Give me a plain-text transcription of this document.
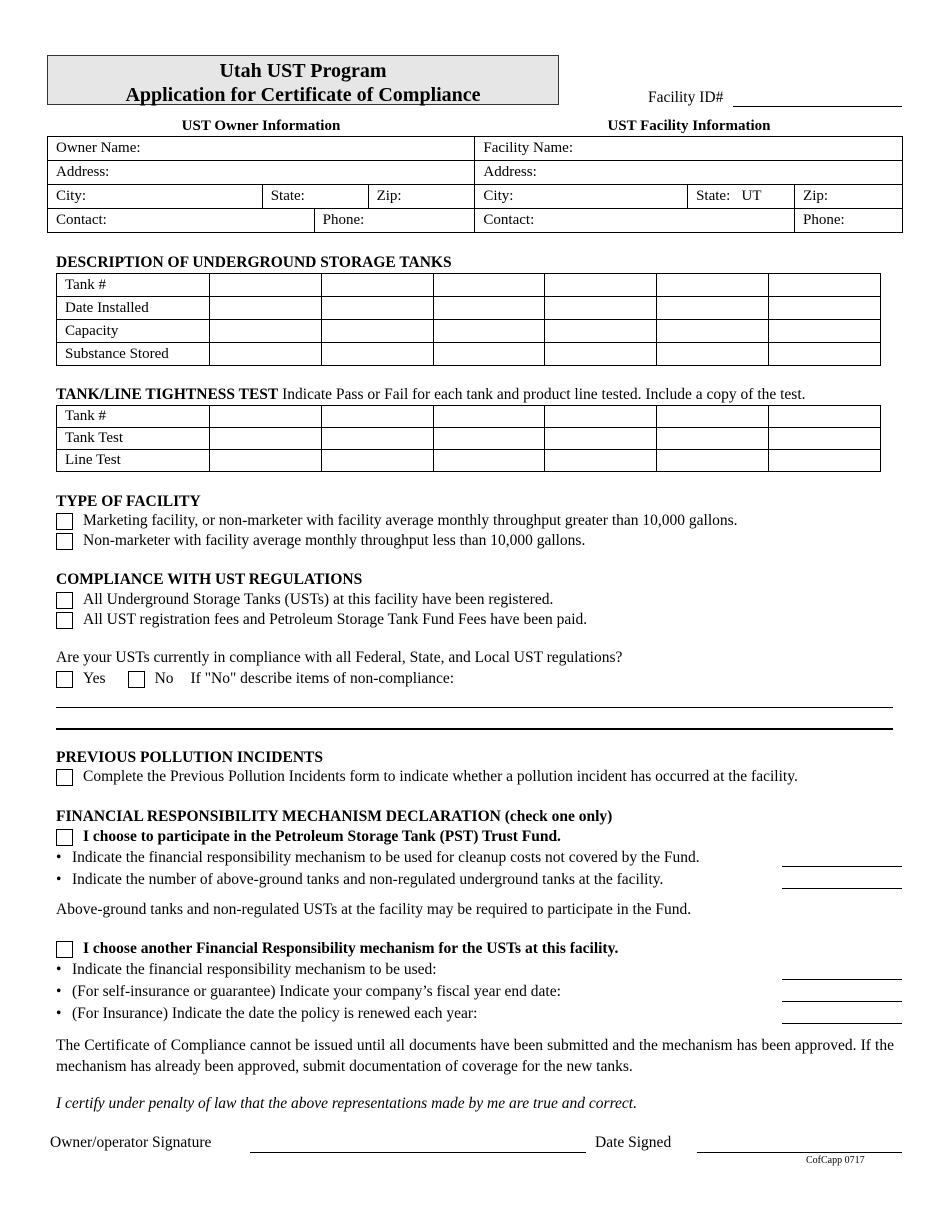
Utah UST Program
Application for Certificate of Compliance	Facility ID#
UST Owner Information	UST Facility Information
Owner Name:				Facility Name:		
Address:				Address:		
City:	State:		Zip:	City:	State: UT	Zip:
Contact:		Phone:		Contact:		Phone:
DESCRIPTION OF UNDERGROUND STORAGE TANKS
Tank #						
Date Installed						
Capacity						
Substance Stored						
TANK/LINE TIGHTNESS TEST Indicate Pass or Fail for each tank and product line tested. Include a copy of the test.
Tank #						
Tank Test						
Line Test						
TYPE OF FACILITY
Marketing facility, or non-marketer with facility average monthly throughput greater than 10,000 gallons.
Non-marketer with facility average monthly throughput less than 10,000 gallons.
COMPLIANCE WITH UST REGULATIONS
All Underground Storage Tanks (USTs) at this facility have been registered.
All UST registration fees and Petroleum Storage Tank Fund Fees have been paid.
Are your USTs currently in compliance with all Federal, State, and Local UST regulations?
Yes	No If "No" describe items of non-compliance:
PREVIOUS POLLUTION INCIDENTS
Complete the Previous Pollution Incidents form to indicate whether a pollution incident has occurred at the facility.
FINANCIAL RESPONSIBILITY MECHANISM DECLARATION (check one only)
I choose to participate in the Petroleum Storage Tank (PST) Trust Fund.
• Indicate the financial responsibility mechanism to be used for cleanup costs not covered by the Fund.
• Indicate the number of above-ground tanks and non-regulated underground tanks at the facility.
Above-ground tanks and non-regulated USTs at the facility may be required to participate in the Fund.
I choose another Financial Responsibility mechanism for the USTs at this facility.
• Indicate the financial responsibility mechanism to be used:
• (For self-insurance or guarantee) Indicate your company’s fiscal year end date:
• (For Insurance) Indicate the date the policy is renewed each year:
The Certificate of Compliance cannot be issued until all documents have been submitted and the mechanism has been approved. If the mechanism has already been approved, submit documentation of coverage for the new tanks.
I certify under penalty of law that the above representations made by me are true and correct.
Owner/operator Signature	Date Signed
CofCapp 0717
